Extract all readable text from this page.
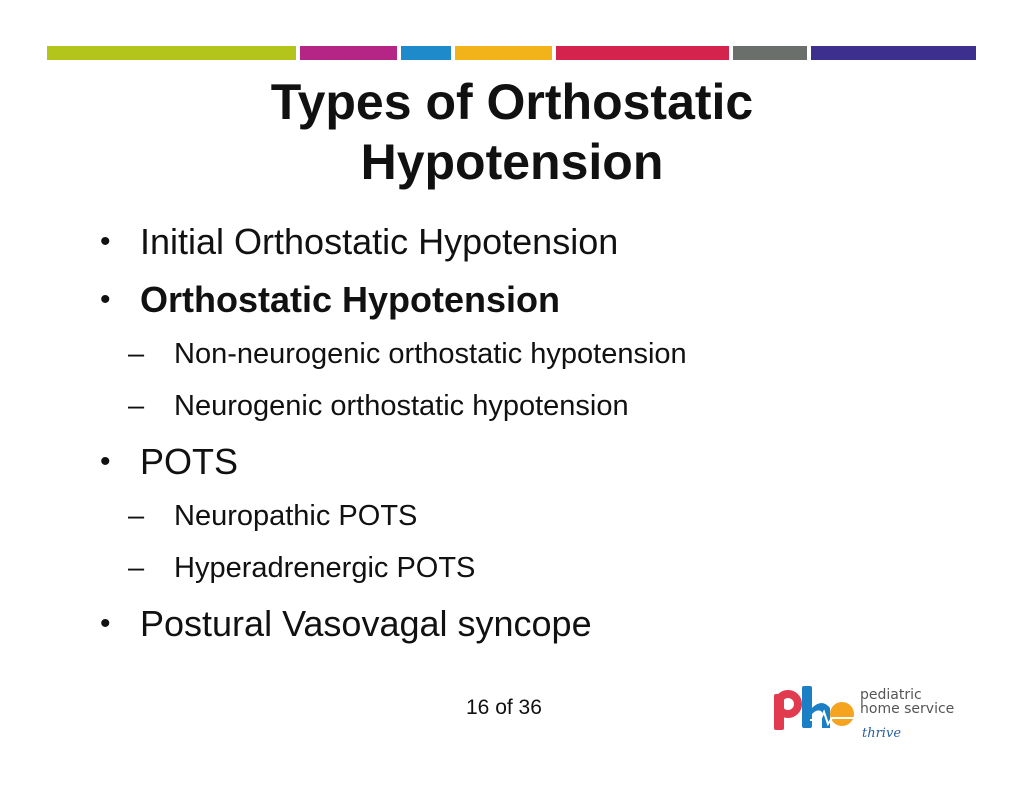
Types of Orthostatic
Hypotension
• Initial Orthostatic Hypotension
• Orthostatic Hypotension
– Non-neurogenic orthostatic hypotension
– Neurogenic orthostatic hypotension
• POTS
– Neuropathic POTS
– Hyperadrenergic POTS
• Postural Vasovagal syncope
16 of 36
pediatric
home service
thrive
